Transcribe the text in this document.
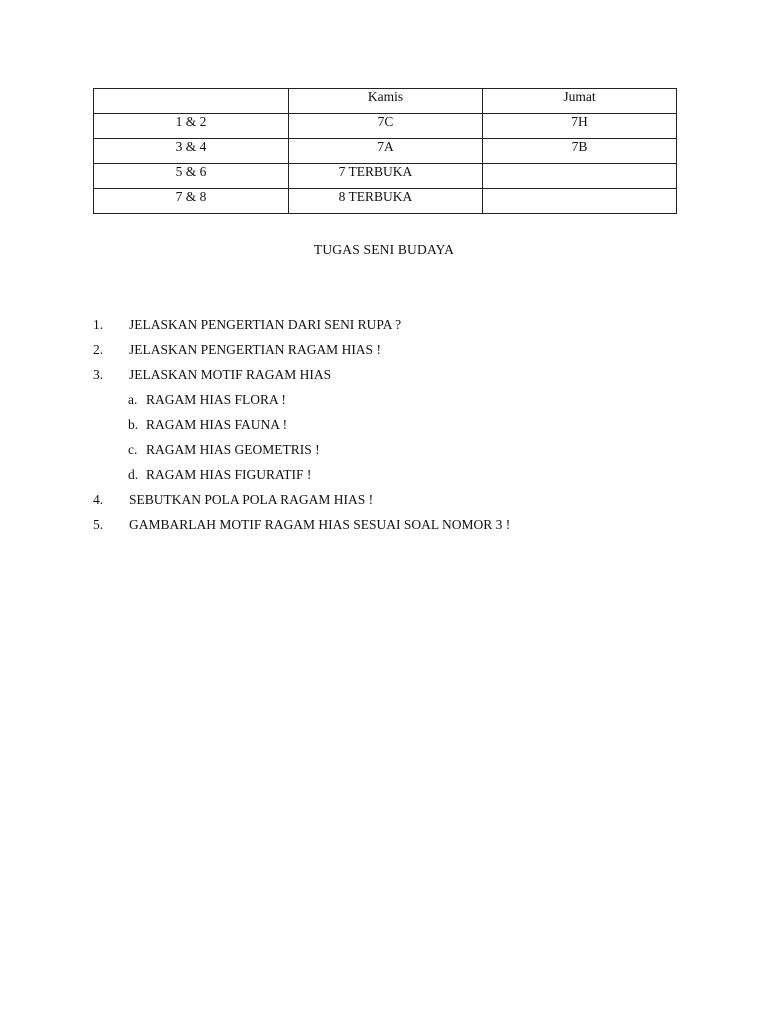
	Kamis	Jumat
1 & 2	7C	7H
3 & 4	7A	7B
5 & 6	7 TERBUKA	
7 & 8	8 TERBUKA	
TUGAS SENI BUDAYA
1. JELASKAN PENGERTIAN DARI SENI RUPA ?
2. JELASKAN PENGERTIAN RAGAM HIAS !
3. JELASKAN MOTIF RAGAM HIAS
a. RAGAM HIAS FLORA !
b. RAGAM HIAS FAUNA !
c. RAGAM HIAS GEOMETRIS !
d. RAGAM HIAS FIGURATIF !
4. SEBUTKAN POLA POLA RAGAM HIAS !
5. GAMBARLAH MOTIF RAGAM HIAS SESUAI SOAL NOMOR 3 !
